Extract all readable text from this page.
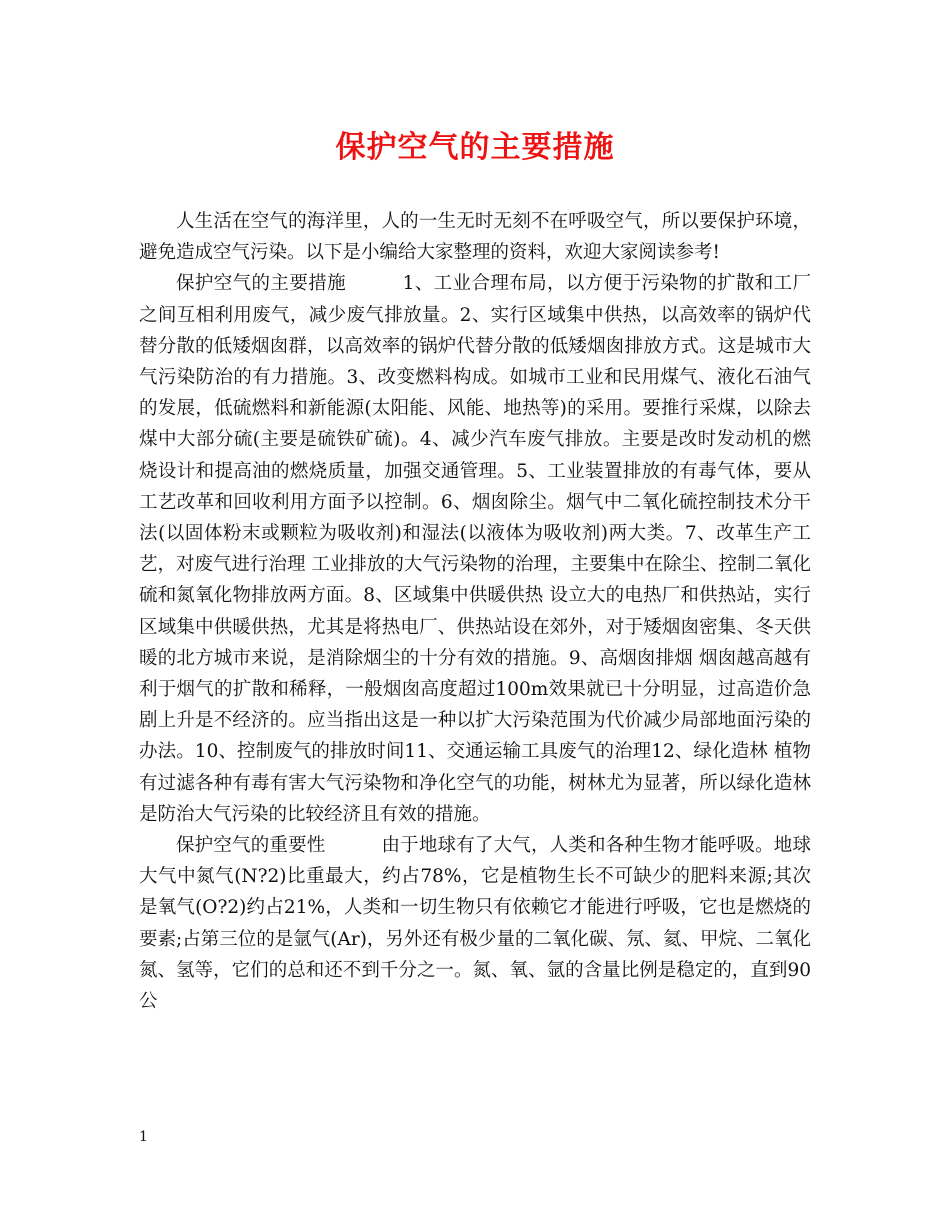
保护空气的主要措施

人生活在空气的海洋里，人的一生无时无刻不在呼吸空气，所以要保护环境，避免造成空气污染。以下是小编给大家整理的资料，欢迎大家阅读参考!

保护空气的主要措施　　　1、工业合理布局，以方便于污染物的扩散和工厂之间互相利用废气，减少废气排放量。2、实行区域集中供热，以高效率的锅炉代替分散的低矮烟囱群，以高效率的锅炉代替分散的低矮烟囱排放方式。这是城市大气污染防治的有力措施。3、改变燃料构成。如城市工业和民用煤气、液化石油气的发展，低硫燃料和新能源(太阳能、风能、地热等)的采用。要推行采煤，以除去煤中大部分硫(主要是硫铁矿硫)。4、减少汽车废气排放。主要是改时发动机的燃烧设计和提高油的燃烧质量，加强交通管理。5、工业装置排放的有毒气体，要从工艺改革和回收利用方面予以控制。6、烟囱除尘。烟气中二氧化硫控制技术分干法(以固体粉末或颗粒为吸收剂)和湿法(以液体为吸收剂)两大类。7、改革生产工艺，对废气进行治理 工业排放的大气污染物的治理，主要集中在除尘、控制二氧化硫和氮氧化物排放两方面。8、区域集中供暖供热 设立大的电热厂和供热站，实行区域集中供暖供热，尤其是将热电厂、供热站设在郊外，对于矮烟囱密集、冬天供暖的北方城市来说，是消除烟尘的十分有效的措施。9、高烟囱排烟 烟囱越高越有利于烟气的扩散和稀释，一般烟囱高度超过100m效果就已十分明显，过高造价急剧上升是不经济的。应当指出这是一种以扩大污染范围为代价减少局部地面污染的办法。10、控制废气的排放时间11、交通运输工具废气的治理12、绿化造林 植物有过滤各种有毒有害大气污染物和净化空气的功能，树林尤为显著，所以绿化造林是防治大气污染的比较经济且有效的措施。

保护空气的重要性　　　由于地球有了大气，人类和各种生物才能呼吸。地球大气中氮气(N?2)比重最大，约占78%，它是植物生长不可缺少的肥料来源;其次是氧气(O?2)约占21%，人类和一切生物只有依赖它才能进行呼吸，它也是燃烧的要素;占第三位的是氩气(Ar)，另外还有极少量的二氧化碳、氖、氦、甲烷、二氧化氮、氢等，它们的总和还不到千分之一。氮、氧、氩的含量比例是稳定的，直到90公

1
